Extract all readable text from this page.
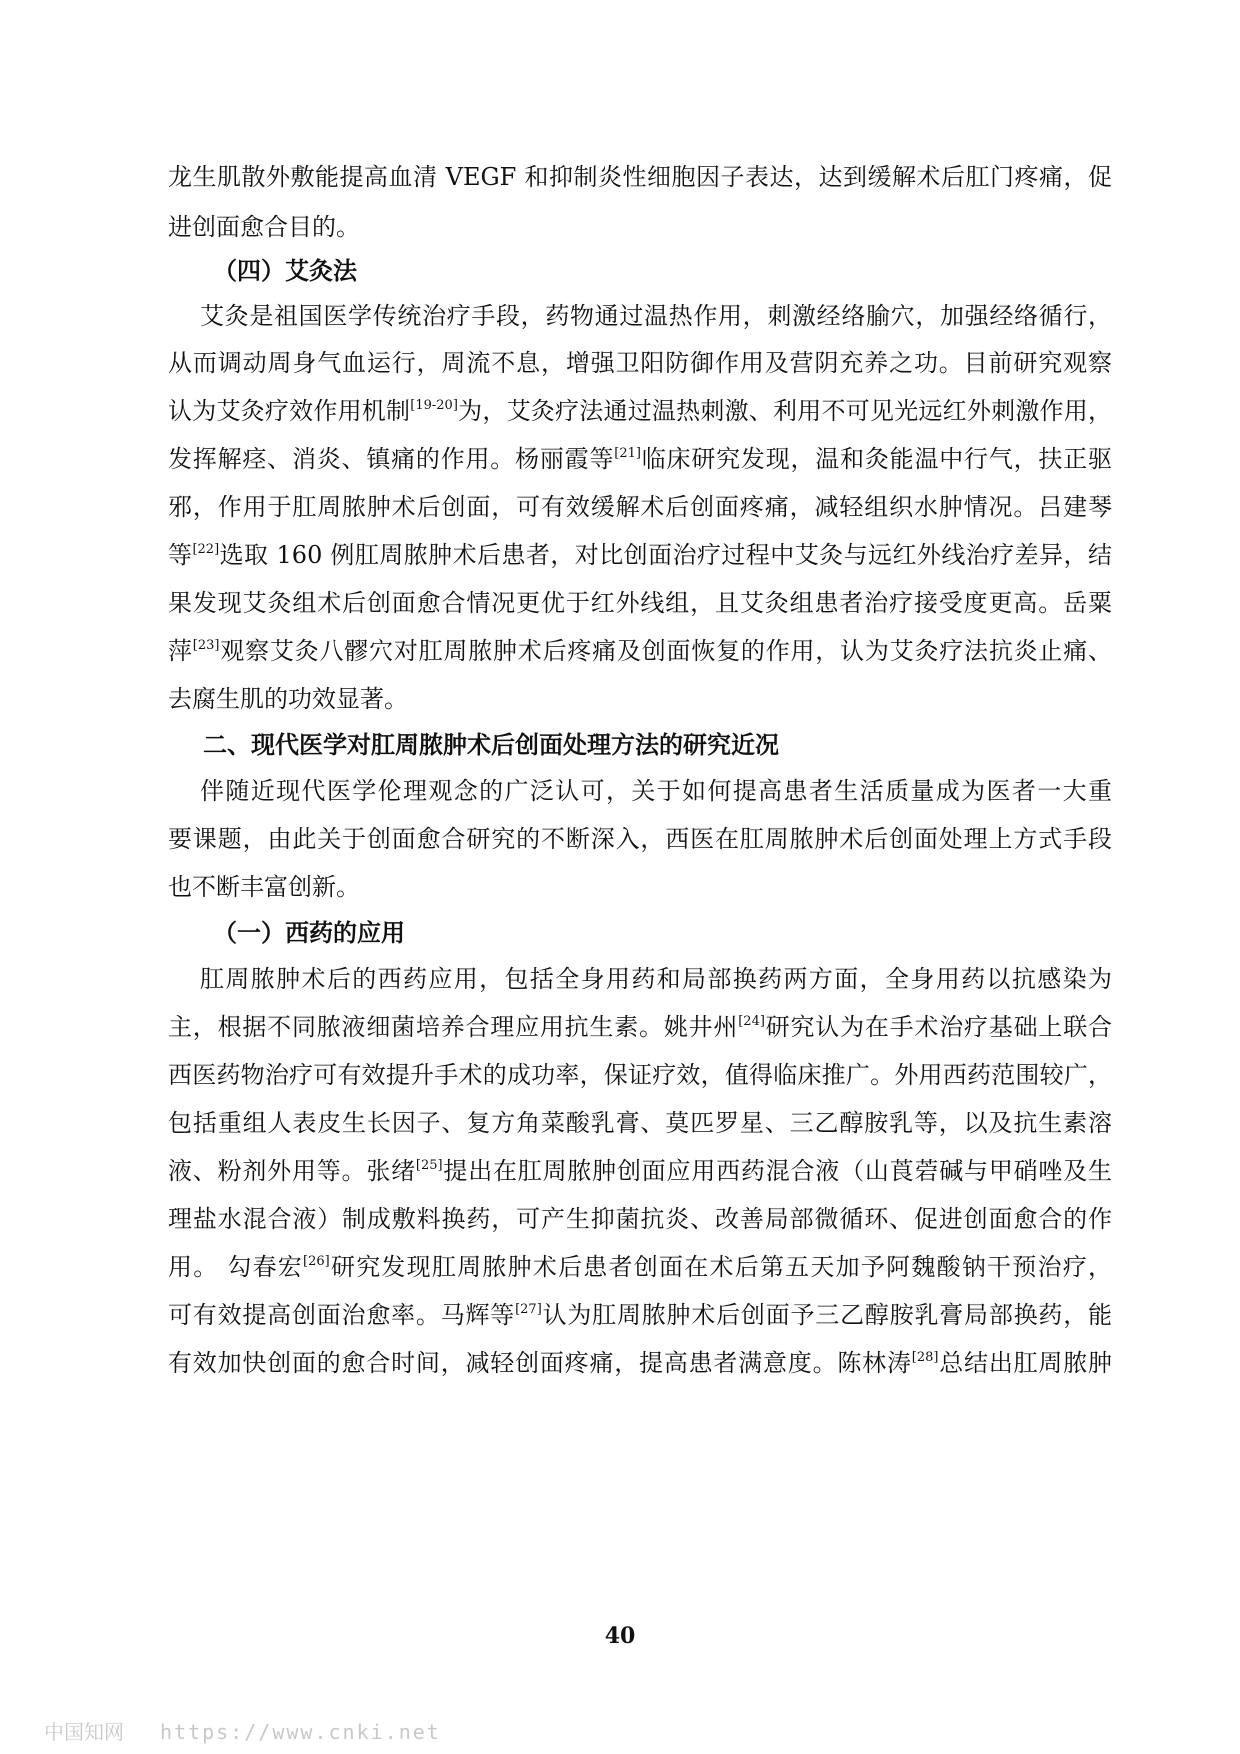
龙生肌散外敷能提高血清 VEGF 和抑制炎性细胞因子表达，达到缓解术后肛门疼痛，促
进创面愈合目的。
（四）艾灸法
艾灸是祖国医学传统治疗手段，药物通过温热作用，刺激经络腧穴，加强经络循行，
从而调动周身气血运行，周流不息，增强卫阳防御作用及营阴充养之功。目前研究观察
认为艾灸疗效作用机制[19-20]为，艾灸疗法通过温热刺激、利用不可见光远红外刺激作用，
发挥解痉、消炎、镇痛的作用。杨丽霞等[21]临床研究发现，温和灸能温中行气，扶正驱
邪，作用于肛周脓肿术后创面，可有效缓解术后创面疼痛，减轻组织水肿情况。吕建琴
等[22]选取 160 例肛周脓肿术后患者，对比创面治疗过程中艾灸与远红外线治疗差异，结
果发现艾灸组术后创面愈合情况更优于红外线组，且艾灸组患者治疗接受度更高。岳粟
萍[23]观察艾灸八髎穴对肛周脓肿术后疼痛及创面恢复的作用，认为艾灸疗法抗炎止痛、
去腐生肌的功效显著。
二、现代医学对肛周脓肿术后创面处理方法的研究近况
伴随近现代医学伦理观念的广泛认可，关于如何提高患者生活质量成为医者一大重
要课题，由此关于创面愈合研究的不断深入，西医在肛周脓肿术后创面处理上方式手段
也不断丰富创新。
（一）西药的应用
肛周脓肿术后的西药应用，包括全身用药和局部换药两方面，全身用药以抗感染为
主，根据不同脓液细菌培养合理应用抗生素。姚井州[24]研究认为在手术治疗基础上联合
西医药物治疗可有效提升手术的成功率，保证疗效，值得临床推广。外用西药范围较广，
包括重组人表皮生长因子、复方角菜酸乳膏、莫匹罗星、三乙醇胺乳等，以及抗生素溶
液、粉剂外用等。张绪[25]提出在肛周脓肿创面应用西药混合液（山莨菪碱与甲硝唑及生
理盐水混合液）制成敷料换药，可产生抑菌抗炎、改善局部微循环、促进创面愈合的作
用。 勾春宏[26]研究发现肛周脓肿术后患者创面在术后第五天加予阿魏酸钠干预治疗，
可有效提高创面治愈率。马辉等[27]认为肛周脓肿术后创面予三乙醇胺乳膏局部换药，能
有效加快创面的愈合时间，减轻创面疼痛，提高患者满意度。陈林涛[28]总结出肛周脓肿
40
中国知网 https://www.cnki.net
